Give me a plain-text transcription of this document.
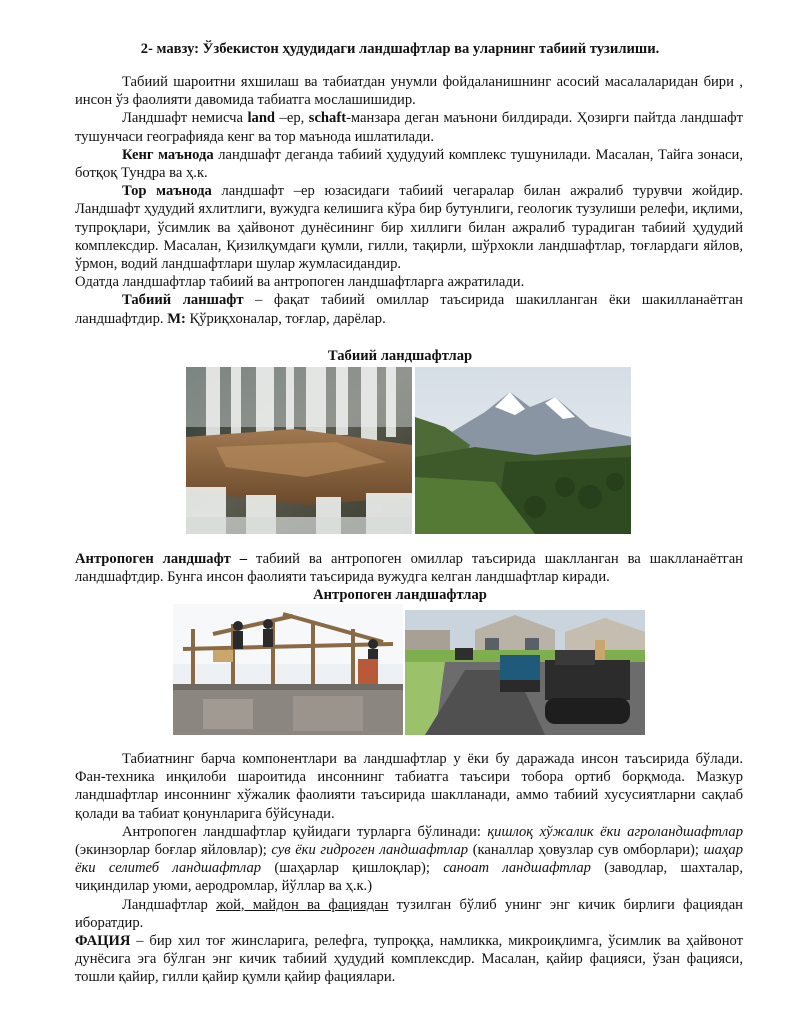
2- мавзу: Ўзбекистон ҳудудидаги ландшафтлар ва уларнинг табиий тузилиши.

Табиий шароитни яхшилаш ва табиатдан унумли фойдаланишнинг асосий масалаларидан бири , инсон ўз фаолияти давомида табиатга мослашишидир.

Ландшафт немисча land –ер, schaft-манзара деган маънони билдиради. Ҳозирги пайтда ландшафт тушунчаси географияда кенг ва тор маънода ишлатилади.

Кенг маънода ландшафт деганда табиий ҳудудуий комплекс тушунилади. Масалан, Тайга зонаси, ботқоқ Тундра ва ҳ.к.

Тор маънода ландшафт –ер юзасидаги табиий чегаралар билан ажралиб турувчи жойдир. Ландшафт ҳудудий яхлитлиги, вужудга келишига кўра бир бутунлиги, геологик тузулиши релефи, иқлими, тупроқлари, ўсимлик ва ҳайвонот дунёсининг бир хиллиги билан ажралиб турадиган табиий ҳудудий комплексдир. Масалан, Қизилқумдаги қумли, гилли, тақирли, шўрхокли ландшафтлар, тоғлардаги яйлов, ўрмон, водий ландшафтлари шулар жумласидандир.

Одатда ландшафтлар табиий ва антропоген ландшафтларга ажратилади.

Табиий ланшафт – фақат табиий омиллар таъсирида шакилланган ёки шакилланаётган ландшафтдир. М: Қўриқхоналар, тоғлар, дарёлар.

Табиий ландшафтлар

Антропоген ландшафт – табиий ва антропоген омиллар таъсирида шаклланган ва шаклланаётган ландшафтдир. Бунга инсон фаолияти таъсирида вужудга келган ландшафтлар киради.

Антропоген ландшафтлар

Табиатнинг барча компонентлари ва ландшафтлар у ёки бу даражада инсон таъсирида бўлади. Фан-техника инқилоби шароитида инсоннинг табиатга таъсири тобора ортиб борқмода. Мазкур ландшафтлар инсоннинг хўжалик фаолияти таъсирида шаклланади, аммо табиий хусусиятларни сақлаб қолади ва табиат қонунларига бўйсунади.

Антропоген ландшафтлар қуйидаги турларга бўлинади: қишлоқ хўжалик ёки агроландшафтлар (экинзорлар боғлар яйловлар); сув ёки гидроген ландшафтлар (каналлар ҳовузлар сув омборлари); шаҳар ёки селитеб ландшафтлар (шаҳарлар қишлоқлар); саноат ландшафтлар (заводлар, шахталар, чиқиндилар уюми, аеродромлар, йўллар ва ҳ.к.)

Ландшафтлар жой, майдон ва фациядан тузилган бўлиб унинг энг кичик бирлиги фациядан иборатдир.

ФАЦИЯ – бир хил тоғ жинсларига, релефга, тупроққа, намликка, микроиқлимга, ўсимлик ва ҳайвонот дунёсига эга бўлган энг кичик табиий ҳудудий комплексдир. Масалан, қайир фацияси, ўзан фацияси, тошли қайир, гилли қайир қумли қайир фациялари.
